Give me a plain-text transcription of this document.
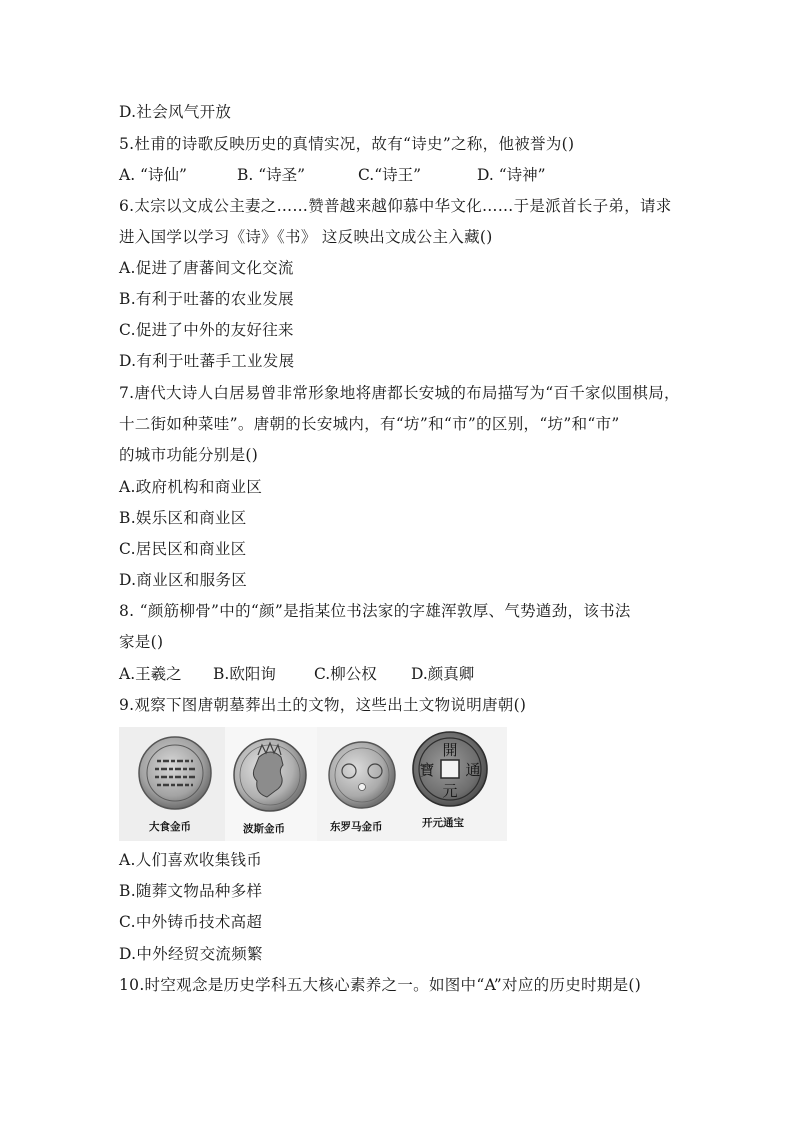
D.社会风气开放
5.杜甫的诗歌反映历史的真情实况，故有“诗史”之称，他被誉为()
A. “诗仙”	B. “诗圣”	C.“诗王”	D. “诗神”
6.太宗以文成公主妻之……赞普越来越仰慕中华文化……于是派首长子弟，请求
进入国学以学习《诗》《书》 这反映出文成公主入藏()
A.促进了唐蕃间文化交流
B.有利于吐蕃的农业发展
C.促进了中外的友好往来
D.有利于吐蕃手工业发展
7.唐代大诗人白居易曾非常形象地将唐都长安城的布局描写为“百千家似围棋局，
十二街如种菜哇”。唐朝的长安城内，有“坊”和“市”的区别，“坊”和“市”
的城市功能分别是()
A.政府机构和商业区
B.娱乐区和商业区
C.居民区和商业区
D.商业区和服务区
8. “颜筋柳骨”中的“颜”是指某位书法家的字雄浑敦厚、气势遒劲，该书法
家是()
A.王羲之 B.欧阳询 C.柳公权 D.颜真卿
9.观察下图唐朝墓葬出土的文物，这些出土文物说明唐朝()
開
通
元
寶
大食金币	波斯金币	东罗马金币	开元通宝
A.人们喜欢收集钱币
B.随葬文物品种多样
C.中外铸币技术高超
D.中外经贸交流频繁
10.时空观念是历史学科五大核心素养之一。如图中“A”对应的历史时期是()
